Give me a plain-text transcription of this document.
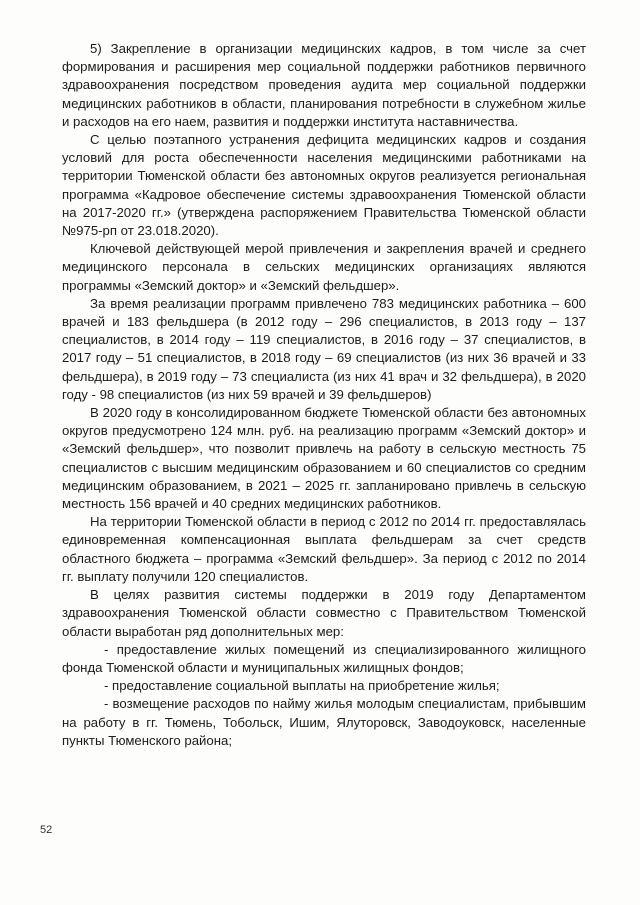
5) Закрепление в организации медицинских кадров, в том числе за счет формирования и расширения мер социальной поддержки работников первичного здравоохранения посредством проведения аудита мер социальной поддержки медицинских работников в области, планирования потребности в служебном жилье и расходов на его наем, развития и поддержки института наставничества.

С целью поэтапного устранения дефицита медицинских кадров и создания условий для роста обеспеченности населения медицинскими работниками на территории Тюменской области без автономных округов реализуется региональная программа «Кадровое обеспечение системы здравоохранения Тюменской области на 2017-2020 гг.» (утверждена распоряжением Правительства Тюменской области №975-рп от 23.018.2020).

Ключевой действующей мерой привлечения и закрепления врачей и среднего медицинского персонала в сельских медицинских организациях являются программы «Земский доктор» и «Земский фельдшер».

За время реализации программ привлечено 783 медицинских работника – 600 врачей и 183 фельдшера (в 2012 году – 296 специалистов, в 2013 году – 137 специалистов, в 2014 году – 119 специалистов, в 2016 году – 37 специалистов, в 2017 году – 51 специалистов, в 2018 году – 69 специалистов (из них 36 врачей и 33 фельдшера), в 2019 году – 73 специалиста (из них 41 врач и 32 фельдшера), в 2020 году - 98 специалистов (из них 59 врачей и 39 фельдшеров)

В 2020 году в консолидированном бюджете Тюменской области без автономных округов предусмотрено 124 млн. руб. на реализацию программ «Земский доктор» и «Земский фельдшер», что позволит привлечь на работу в сельскую местность 75 специалистов с высшим медицинским образованием и 60 специалистов со средним медицинским образованием, в 2021 – 2025 гг. запланировано привлечь в сельскую местность 156 врачей и 40 средних медицинских работников.

На территории Тюменской области в период с 2012 по 2014 гг. предоставлялась единовременная компенсационная выплата фельдшерам за счет средств областного бюджета – программа «Земский фельдшер». За период с 2012 по 2014 гг. выплату получили 120 специалистов.

В целях развития системы поддержки в 2019 году Департаментом здравоохранения Тюменской области совместно с Правительством Тюменской области выработан ряд дополнительных мер:

- предоставление жилых помещений из специализированного жилищного фонда Тюменской области и муниципальных жилищных фондов;

- предоставление социальной выплаты на приобретение жилья;

- возмещение расходов по найму жилья молодым специалистам, прибывшим на работу в гг. Тюмень, Тобольск, Ишим, Ялуторовск, Заводоуковск, населенные пункты Тюменского района;

52
